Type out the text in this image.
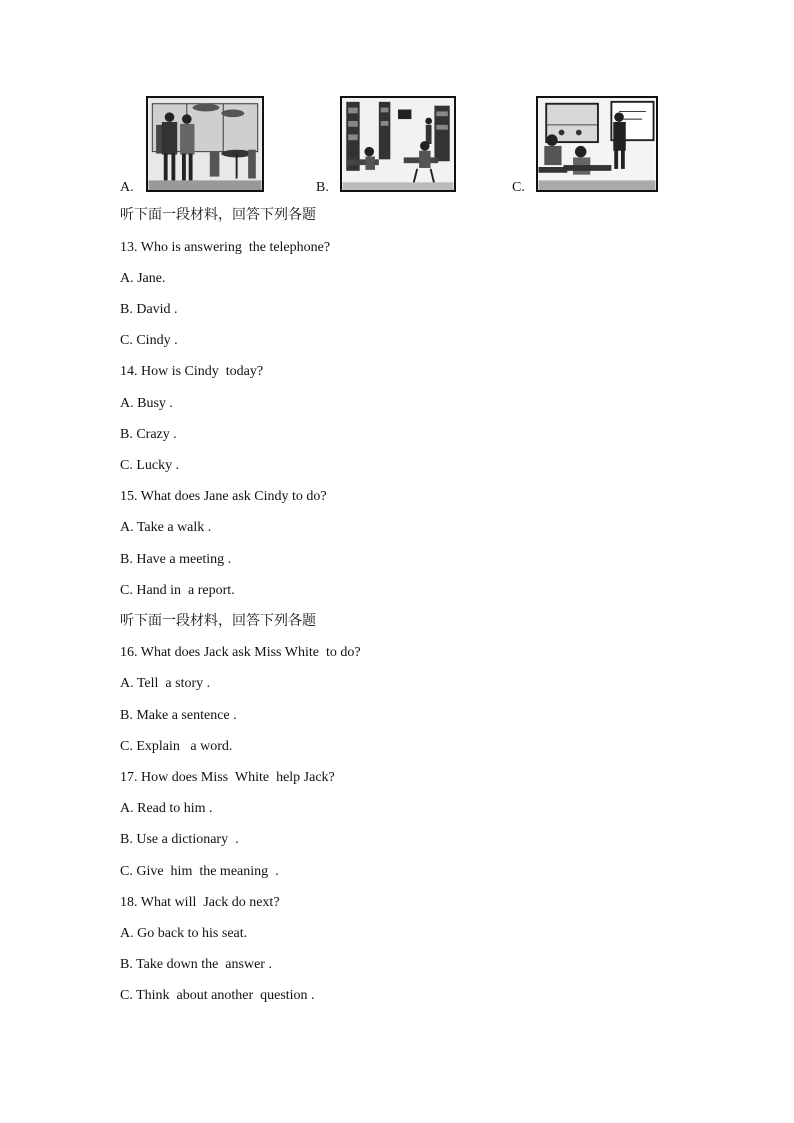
A.	B.	C.
听下面一段材料，回答下列各题
13. Who is answering  the telephone?
A. Jane.
B. David .
C. Cindy .
14. How is Cindy  today?
A. Busy .
B. Crazy .
C. Lucky .
15. What does Jane ask Cindy to do?
A. Take a walk .
B. Have a meeting .
C. Hand in  a report.
听下面一段材料，回答下列各题
16. What does Jack ask Miss White  to do?
A. Tell  a story .
B. Make a sentence .
C. Explain   a word.
17. How does Miss  White  help Jack?
A. Read to him .
B. Use a dictionary  .
C. Give  him  the meaning  .
18. What will  Jack do next?
A. Go back to his seat.
B. Take down the  answer .
C. Think  about another  question .
